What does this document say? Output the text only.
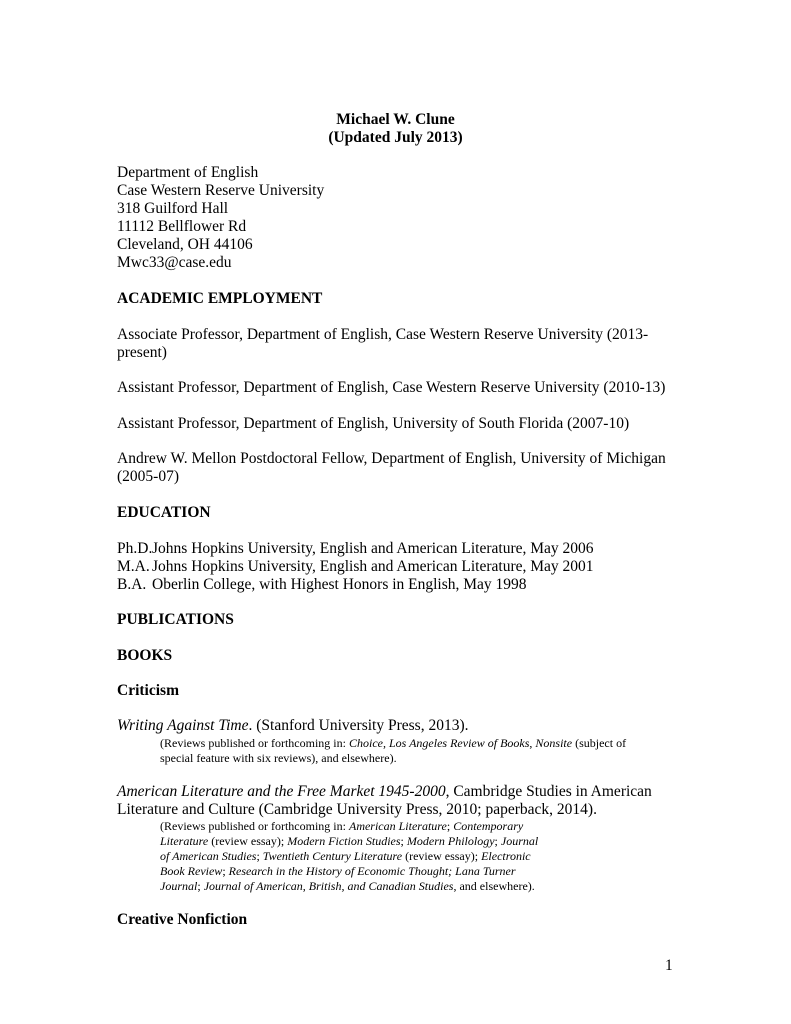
Michael W. Clune
(Updated July 2013)
Department of English
Case Western Reserve University
318 Guilford Hall
11112 Bellflower Rd
Cleveland, OH 44106
Mwc33@case.edu
ACADEMIC EMPLOYMENT
Associate Professor, Department of English, Case Western Reserve University (2013-
present)
Assistant Professor, Department of English, Case Western Reserve University (2010-13)
Assistant Professor, Department of English, University of South Florida (2007-10)
Andrew W. Mellon Postdoctoral Fellow, Department of English, University of Michigan
(2005-07)
EDUCATION
Ph.D.Johns Hopkins University, English and American Literature, May 2006
M.A. Johns Hopkins University, English and American Literature, May 2001
B.A. Oberlin College, with Highest Honors in English, May 1998
PUBLICATIONS
BOOKS
Criticism
Writing Against Time. (Stanford University Press, 2013).
(Reviews published or forthcoming in: Choice, Los Angeles Review of Books, Nonsite (subject of
special feature with six reviews), and elsewhere).
American Literature and the Free Market 1945-2000, Cambridge Studies in American
Literature and Culture (Cambridge University Press, 2010; paperback, 2014).
(Reviews published or forthcoming in: American Literature; Contemporary
Literature (review essay); Modern Fiction Studies; Modern Philology; Journal
of American Studies; Twentieth Century Literature (review essay); Electronic
Book Review; Research in the History of Economic Thought; Lana Turner
Journal; Journal of American, British, and Canadian Studies, and elsewhere).
Creative Nonfiction
1
